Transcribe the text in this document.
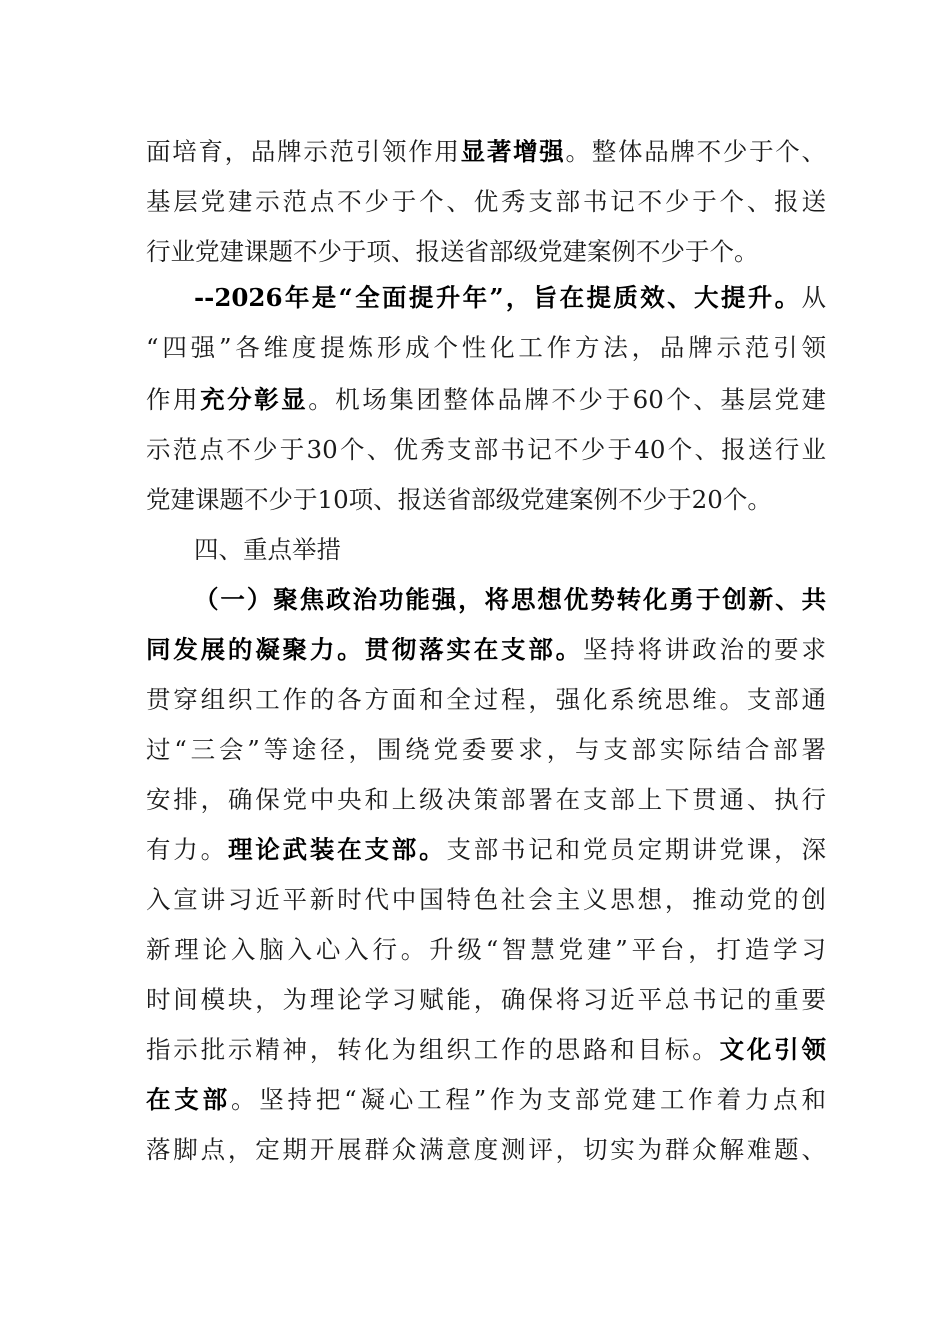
面培育，品牌示范引领作用显著增强。整体品牌不少于个、
基层党建示范点不少于个、优秀支部书记不少于个、报送
行业党建课题不少于项、报送省部级党建案例不少于个。
--2026年是“全面提升年”，旨在提质效、大提升。从
“四强”各维度提炼形成个性化工作方法，品牌示范引领
作用充分彰显。机场集团整体品牌不少于60个、基层党建
示范点不少于30个、优秀支部书记不少于40个、报送行业
党建课题不少于10项、报送省部级党建案例不少于20个。
四、重点举措
（一）聚焦政治功能强，将思想优势转化勇于创新、共
同发展的凝聚力。贯彻落实在支部。坚持将讲政治的要求
贯穿组织工作的各方面和全过程，强化系统思维。支部通
过“三会”等途径，围绕党委要求，与支部实际结合部署
安排，确保党中央和上级决策部署在支部上下贯通、执行
有力。理论武装在支部。支部书记和党员定期讲党课，深
入宣讲习近平新时代中国特色社会主义思想，推动党的创
新理论入脑入心入行。升级“智慧党建”平台，打造学习
时间模块，为理论学习赋能，确保将习近平总书记的重要
指示批示精神，转化为组织工作的思路和目标。文化引领
在支部。坚持把“凝心工程”作为支部党建工作着力点和
落脚点，定期开展群众满意度测评，切实为群众解难题、
